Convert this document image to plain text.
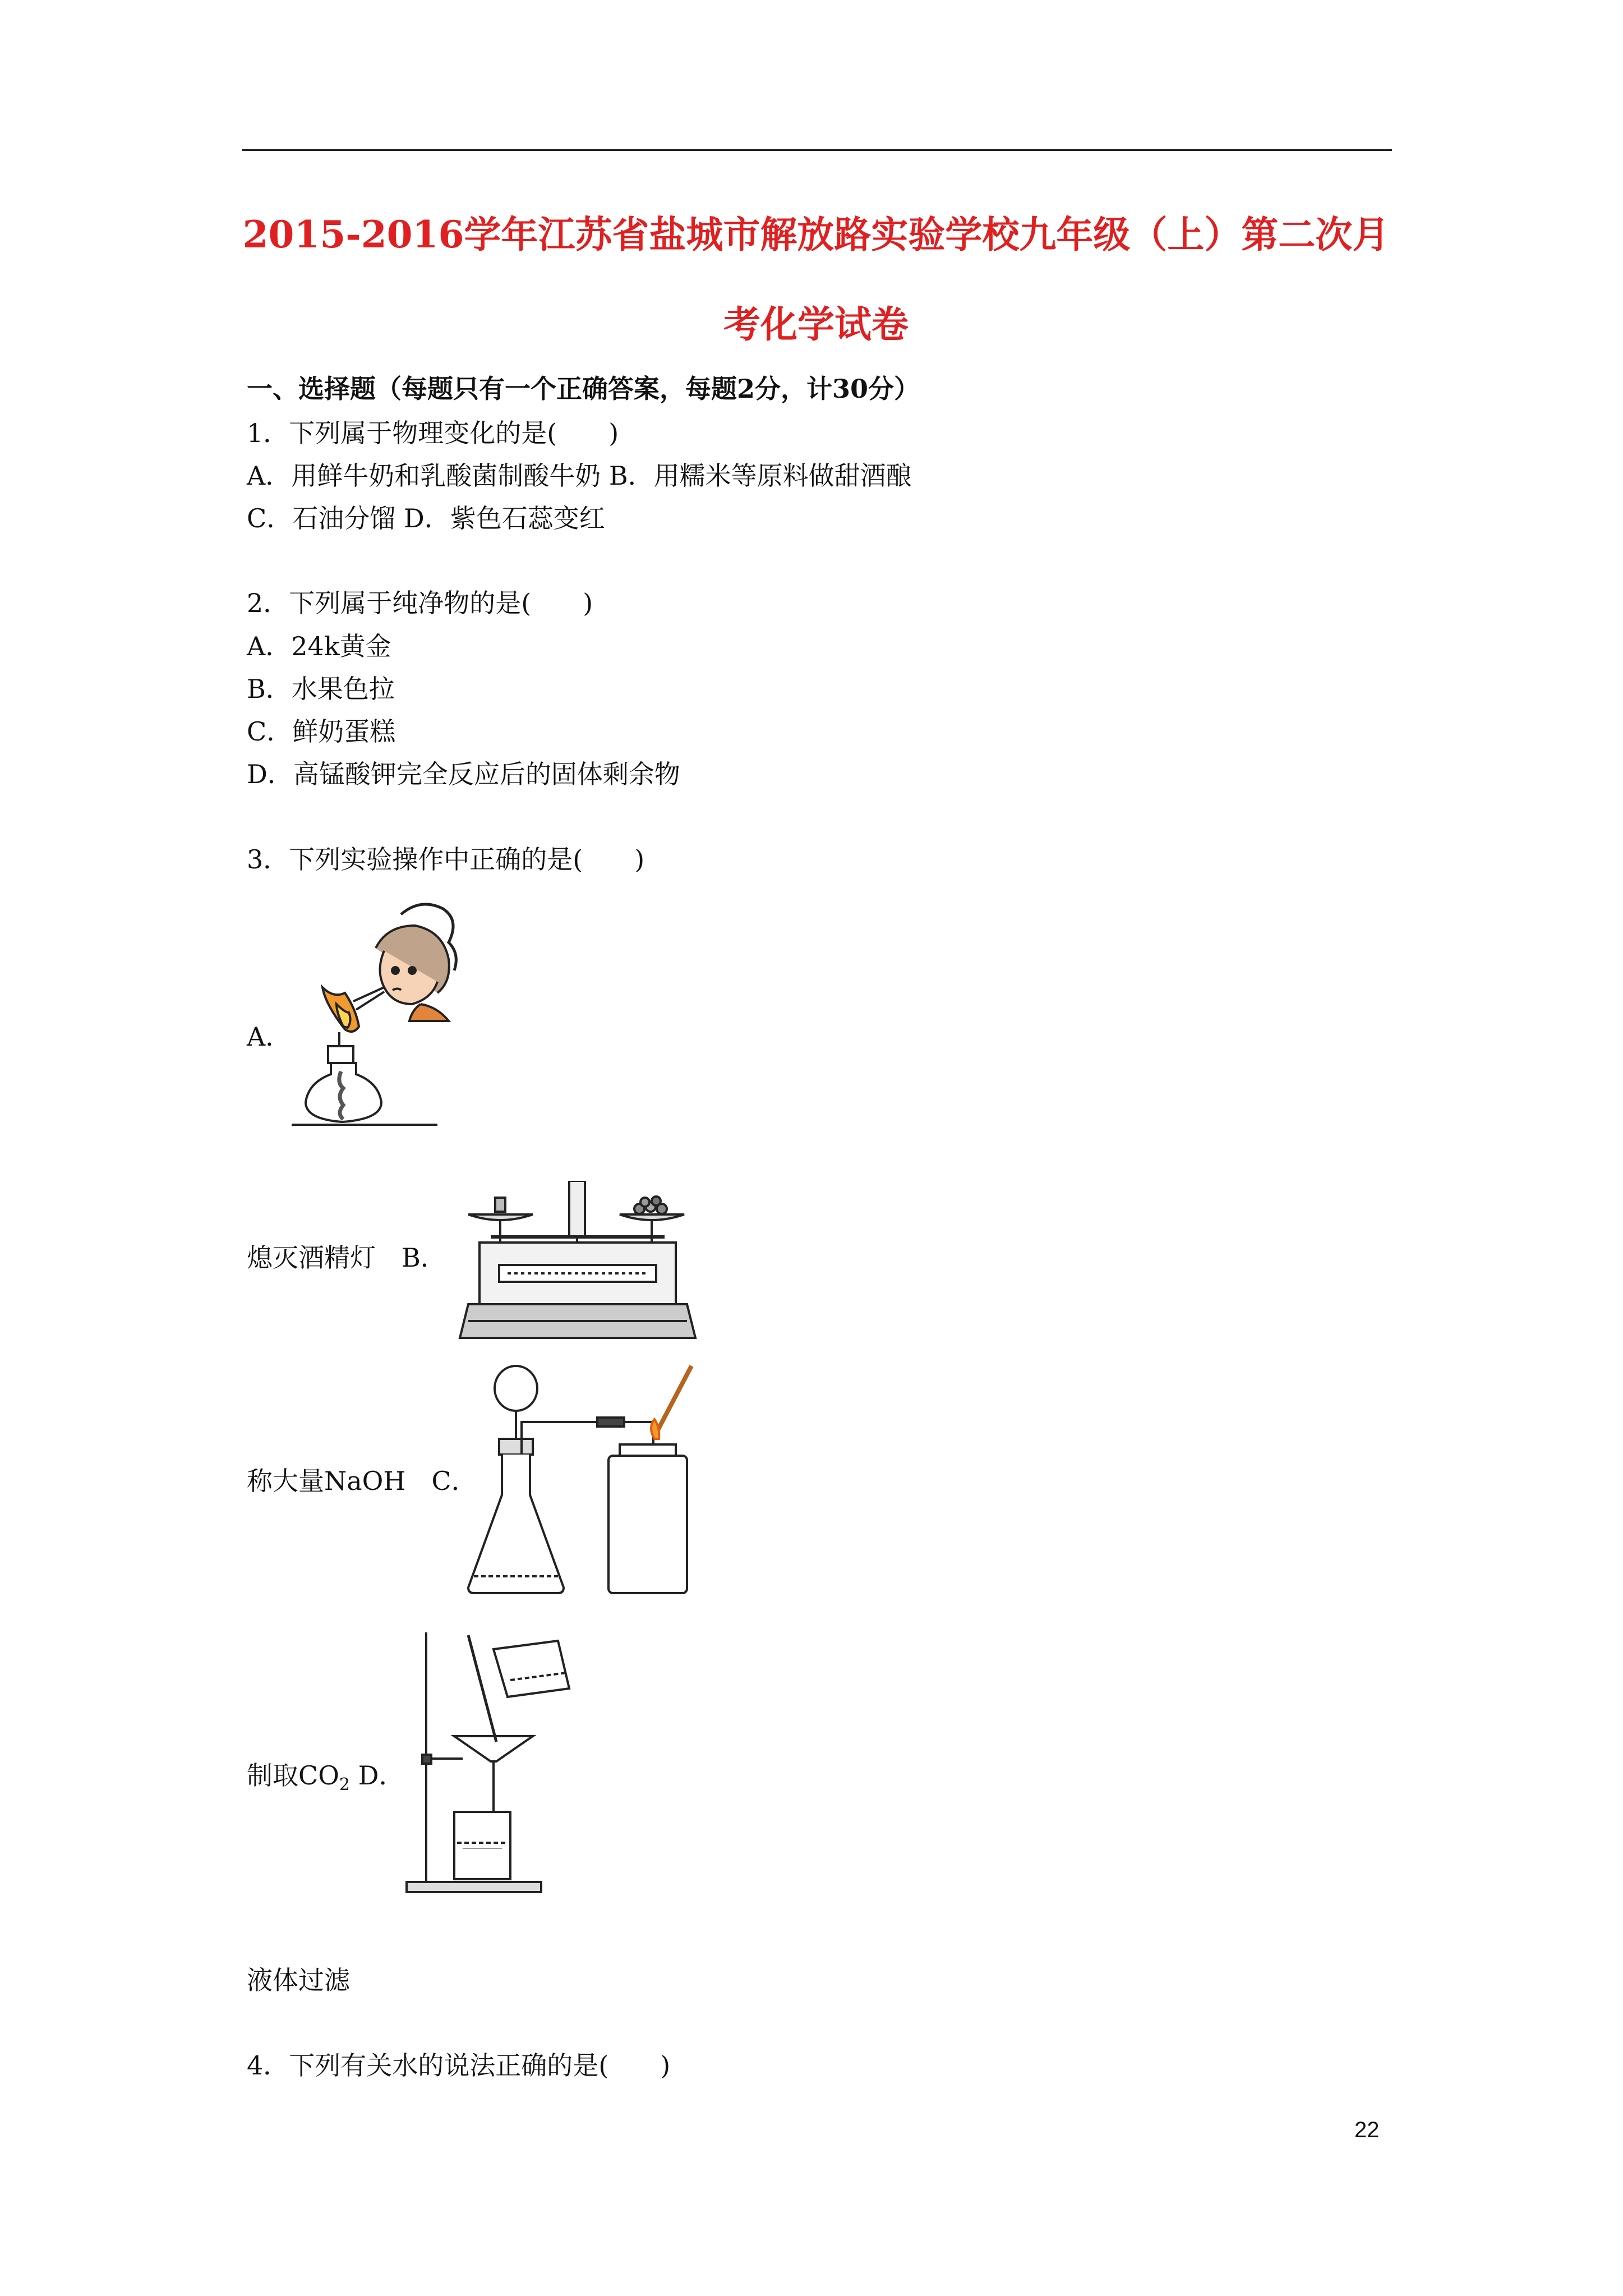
2015-2016学年江苏省盐城市解放路实验学校九年级（上）第二次月
考化学试卷
一、选择题（每题只有一个正确答案，每题2分，计30分）
1．下列属于物理变化的是(　　)
A．用鲜牛奶和乳酸菌制酸牛奶 B．用糯米等原料做甜酒酿
C．石油分馏 D．紫色石蕊变红
2．下列属于纯净物的是(　　)
A．24k黄金
B．水果色拉
C．鲜奶蛋糕
D．高锰酸钾完全反应后的固体剩余物
3．下列实验操作中正确的是(　　)
A．
熄灭酒精灯　B．
称大量NaOH　C．
制取$CO_2$ D．
液体过滤
4．下列有关水的说法正确的是(　　)
22
